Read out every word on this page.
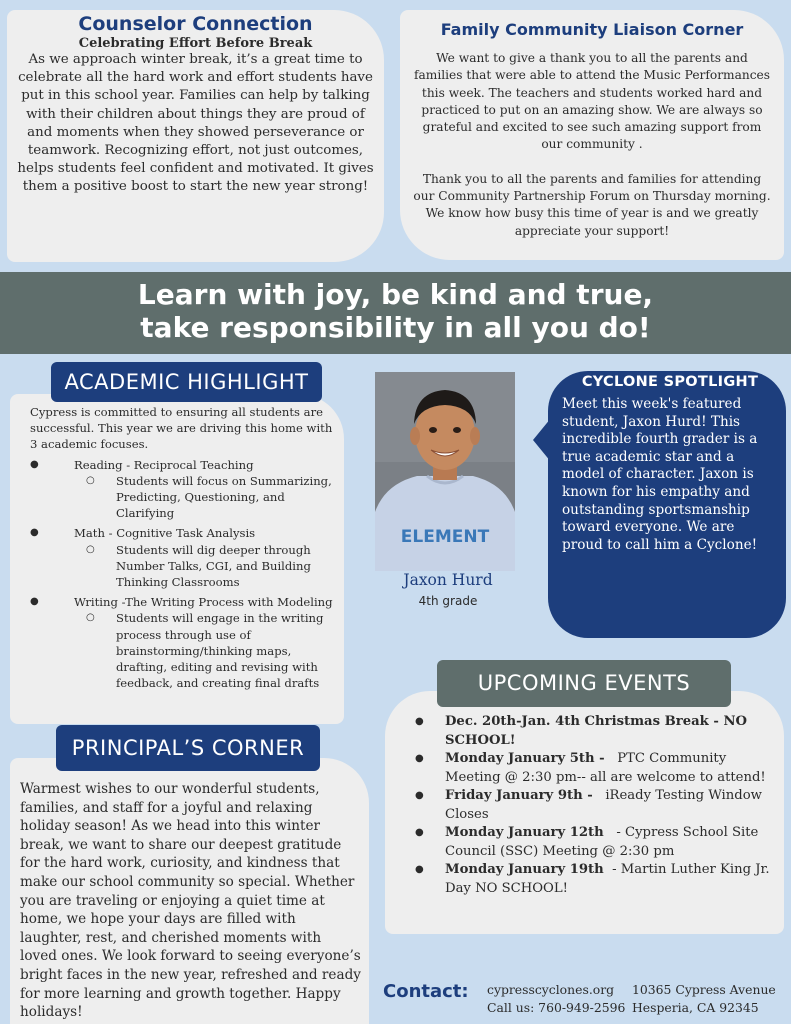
Counselor Connection
Celebrating Effort Before Break

As we approach winter break, it’s a great time to celebrate all the hard work and effort students have put in this school year. Families can help by talking with their children about things they are proud of and moments when they showed perseverance or teamwork. Recognizing effort, not just outcomes, helps students feel confident and motivated. It gives them a positive boost to start the new year strong!

Family Community Liaison Corner

We want to give a thank you to all the parents and families that were able to attend the Music Performances this week. The teachers and students worked hard and practiced to put on an amazing show. We are always so grateful and excited to see such amazing support from our community .

Thank you to all the parents and families for attending our Community Partnership Forum on Thursday morning. We know how busy this time of year is and we greatly appreciate your support!

Learn with joy, be kind and true,
take responsibility in all you do!
Cypress is committed to ensuring all students are successful. This year we are driving this home with 3 academic focuses.
● Reading - Reciprocal Teaching
○ Students will focus on Summarizing, Predicting, Questioning, and Clarifying
● Math - Cognitive Task Analysis
○ Students will dig deeper through Number Talks, CGI, and Building Thinking Classrooms
● Writing -The Writing Process with Modeling
○ Students will engage in the writing process through use of brainstorming/thinking maps, drafting, editing and revising with feedback, and creating final drafts
ACADEMIC HIGHLIGHT

Warmest wishes to our wonderful students, families, and staff for a joyful and relaxing holiday season! As we head into this winter break, we want to share our deepest gratitude for the hard work, curiosity, and kindness that make our school community so special. Whether you are traveling or enjoying a quiet time at home, we hope your days are filled with laughter, rest, and cherished moments with loved ones. We look forward to seeing everyone’s bright faces in the new year, refreshed and ready for more learning and growth together. Happy holidays!

PRINCIPAL’S CORNER
ELEMENT
Jaxon Hurd
4th grade
CYCLONE SPOTLIGHT

Meet this week's featured student, Jaxon Hurd! This incredible fourth grader is a true academic star and a model of character. Jaxon is known for his empathy and outstanding sportsmanship toward everyone. We are proud to call him a Cyclone!

● Dec. 20th-Jan. 4th Christmas Break - NO SCHOOL!
● Monday January 5th - PTC Community Meeting @ 2:30 pm-- all are welcome to attend!
● Friday January 9th - iReady Testing Window Closes
● Monday January 12th - Cypress School Site Council (SSC) Meeting @ 2:30 pm
● Monday January 19th - Martin Luther King Jr. Day NO SCHOOL!
UPCOMING EVENTS
Contact: cypresscyclones.org
Call us: 760-949-2596
10365 Cypress Avenue
Hesperia, CA 92345
